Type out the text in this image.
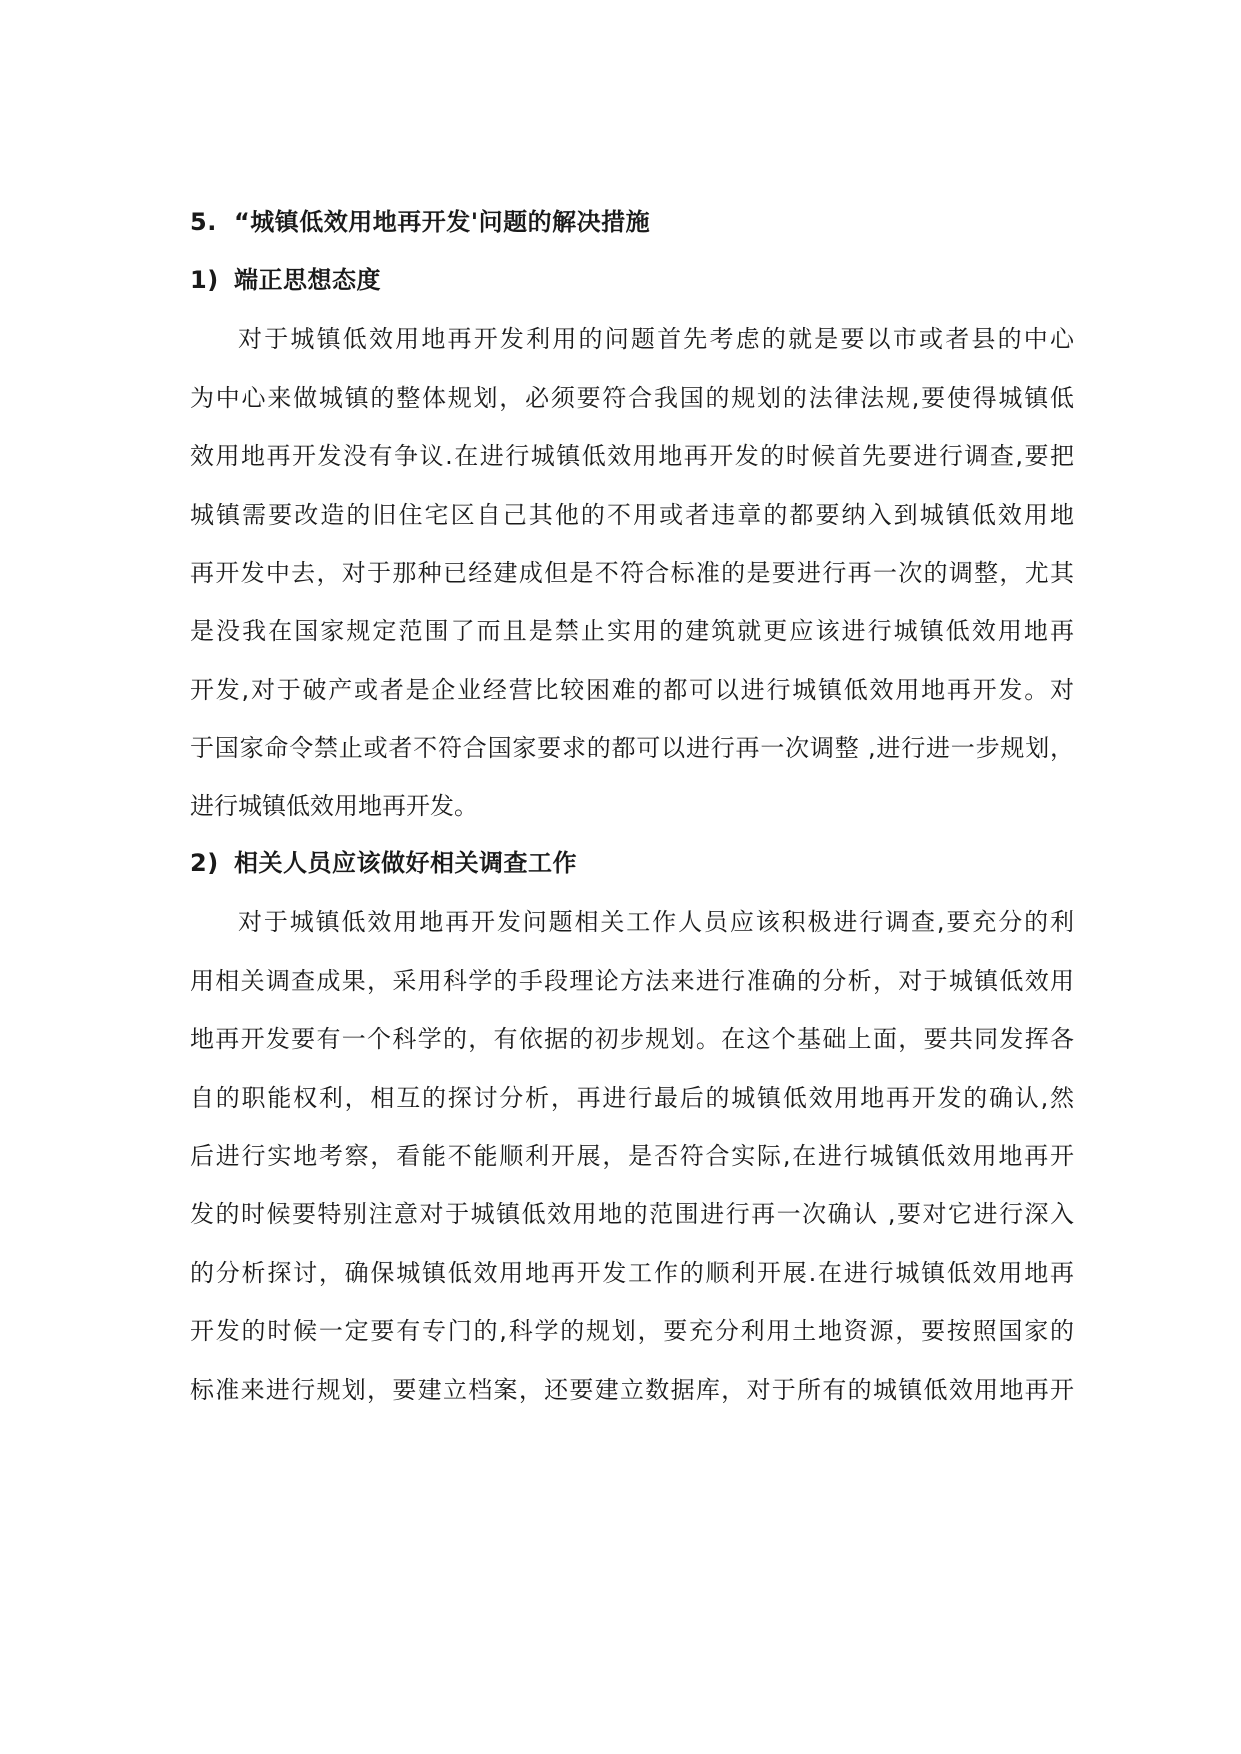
5. “城镇低效用地再开发'问题的解决措施
1) 端正思想态度
对于城镇低效用地再开发利用的问题首先考虑的就是要以市或者县的中心
为中心来做城镇的整体规划，必须要符合我国的规划的法律法规,要使得城镇低
效用地再开发没有争议.在进行城镇低效用地再开发的时候首先要进行调查,要把
城镇需要改造的旧住宅区自己其他的不用或者违章的都要纳入到城镇低效用地
再开发中去，对于那种已经建成但是不符合标准的是要进行再一次的调整，尤其
是没我在国家规定范围了而且是禁止实用的建筑就更应该进行城镇低效用地再
开发,对于破产或者是企业经营比较困难的都可以进行城镇低效用地再开发。对
于国家命令禁止或者不符合国家要求的都可以进行再一次调整 ,进行进一步规划，
进行城镇低效用地再开发。
2) 相关人员应该做好相关调查工作
对于城镇低效用地再开发问题相关工作人员应该积极进行调查,要充分的利
用相关调查成果，采用科学的手段理论方法来进行准确的分析，对于城镇低效用
地再开发要有一个科学的，有依据的初步规划。在这个基础上面，要共同发挥各
自的职能权利，相互的探讨分析，再进行最后的城镇低效用地再开发的确认,然
后进行实地考察，看能不能顺利开展，是否符合实际,在进行城镇低效用地再开
发的时候要特别注意对于城镇低效用地的范围进行再一次确认 ,要对它进行深入
的分析探讨，确保城镇低效用地再开发工作的顺利开展.在进行城镇低效用地再
开发的时候一定要有专门的,科学的规划，要充分利用土地资源，要按照国家的
标准来进行规划，要建立档案，还要建立数据库，对于所有的城镇低效用地再开
